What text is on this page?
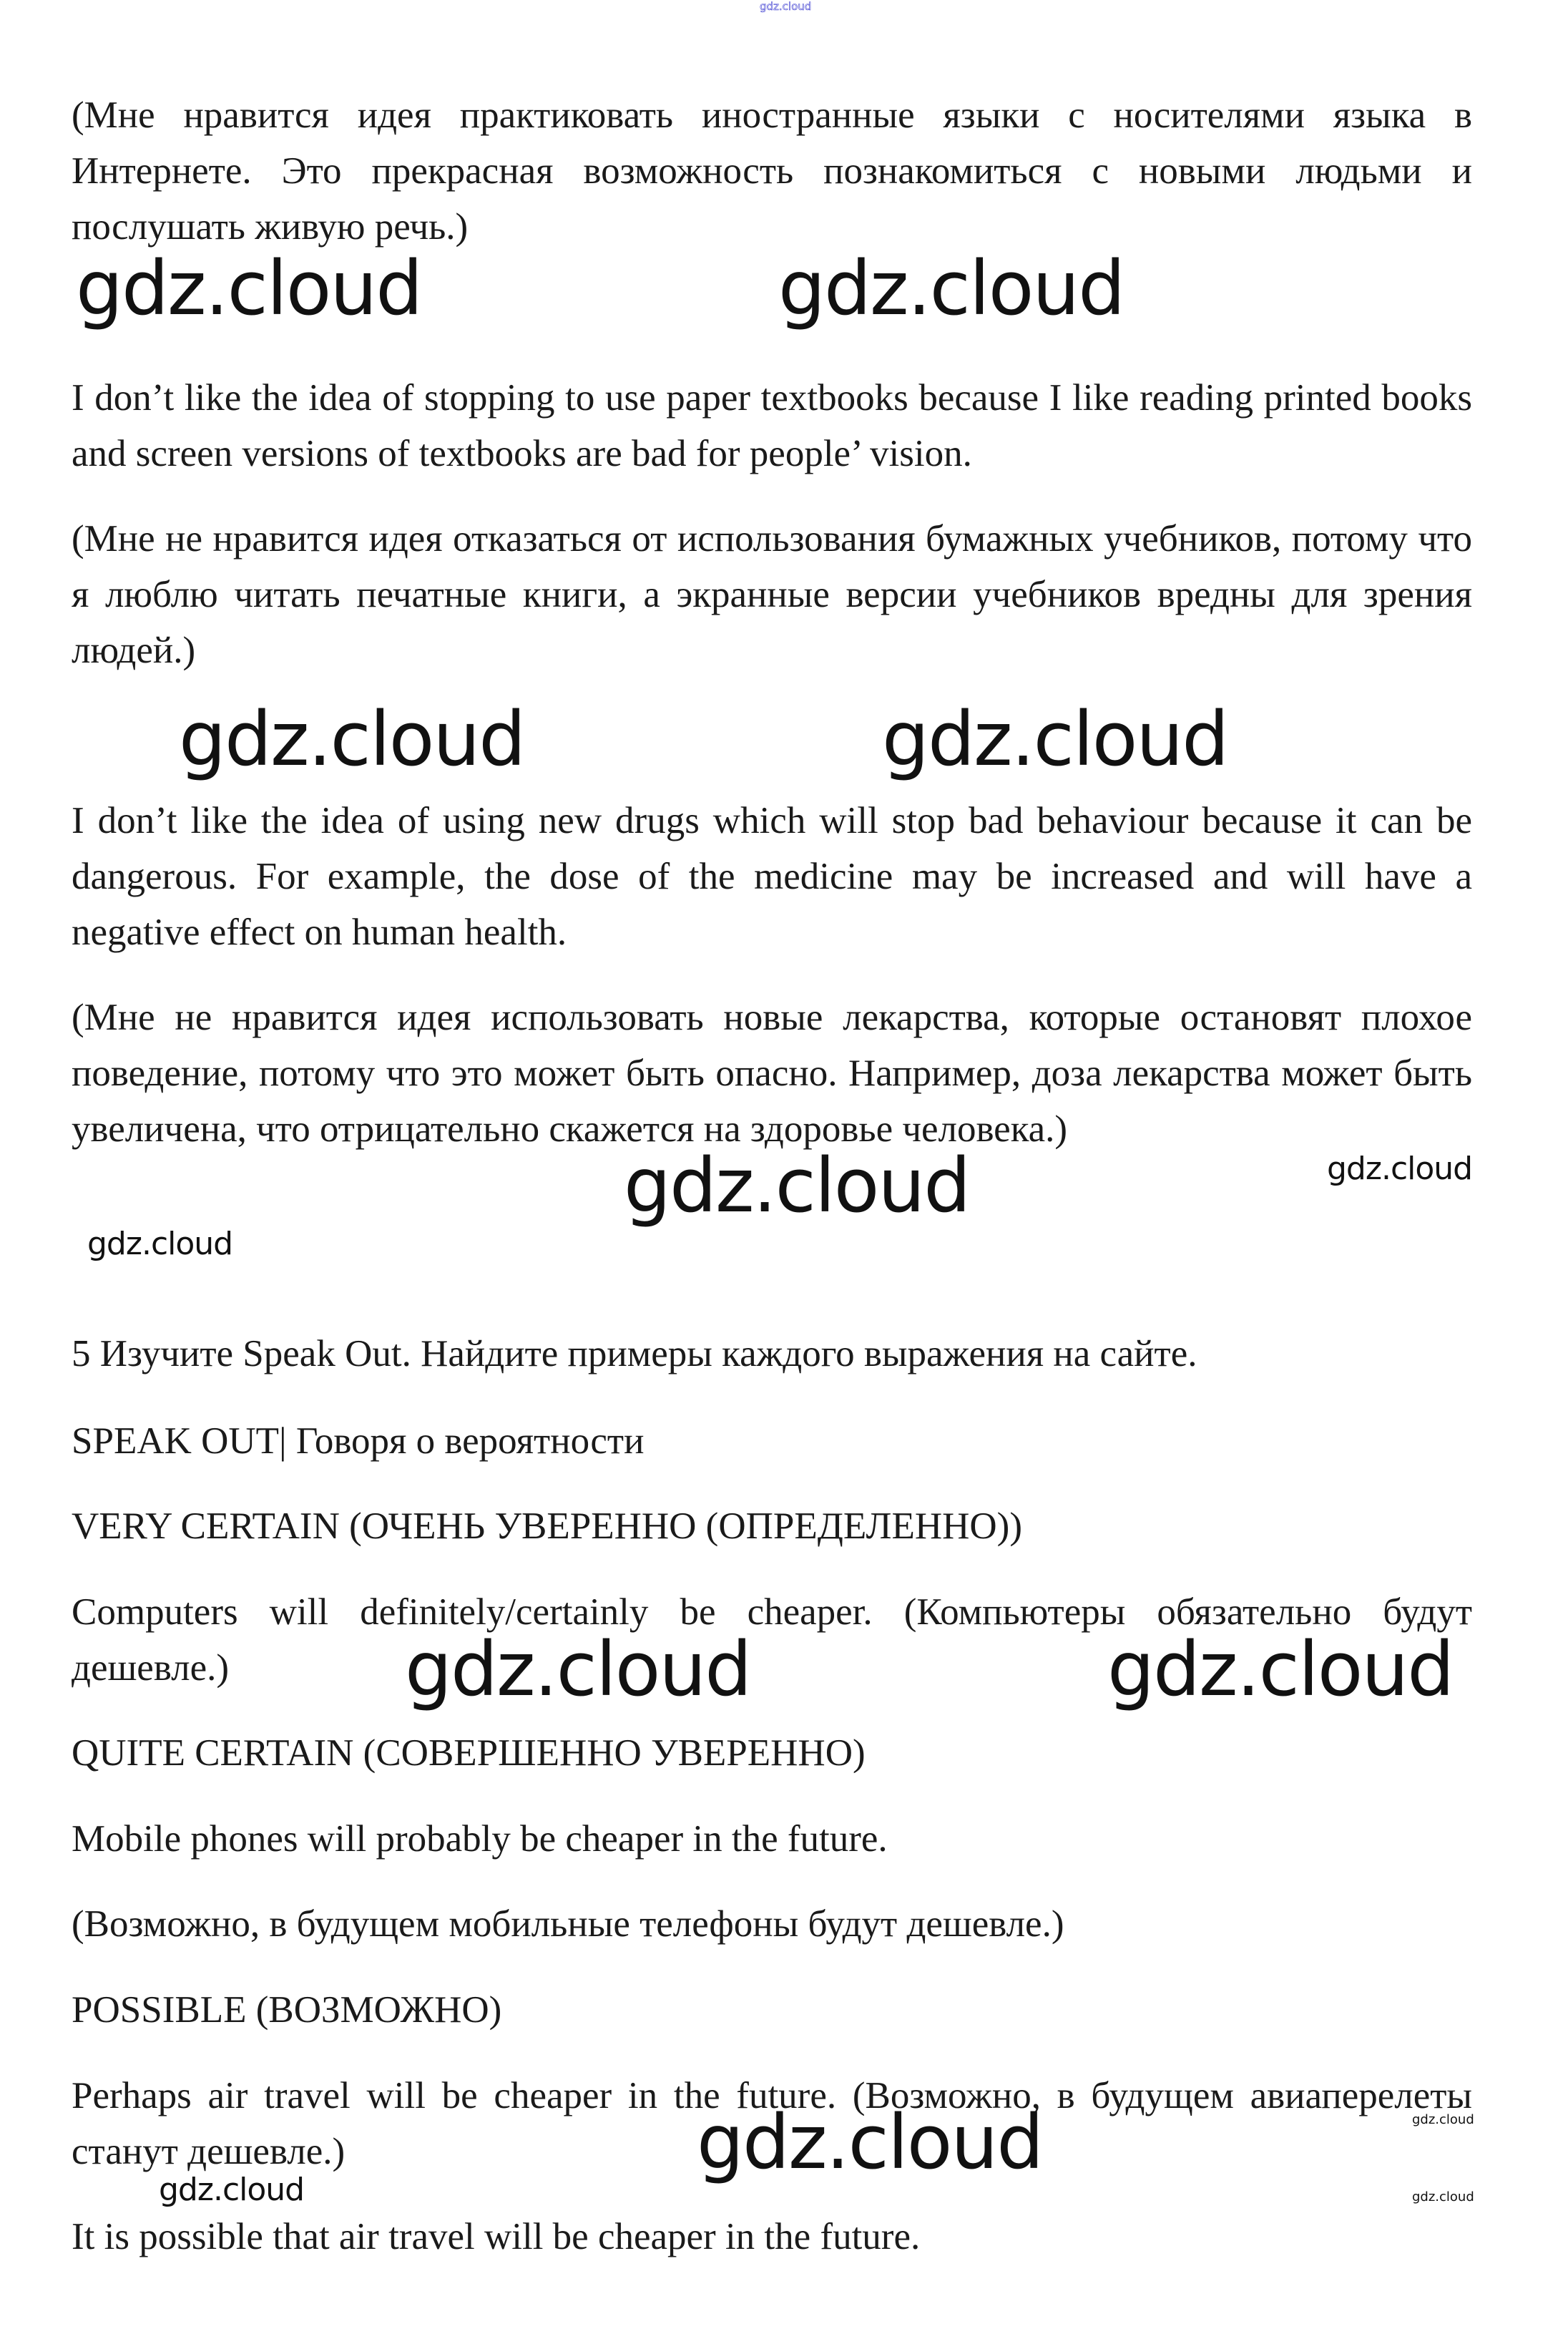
gdz.cloud

(Мне нравится идея практиковать иностранные языки с носителями языка в Интернете. Это прекрасная возможность познакомиться с новыми людьми и послушать живую речь.)

I don’t like the idea of stopping to use paper textbooks because I like reading printed books and screen versions of textbooks are bad for people’ vision.

(Мне не нравится идея отказаться от использования бумажных учебников, потому что я люблю читать печатные книги, а экранные версии учебников вредны для зрения людей.)

I don’t like the idea of using new drugs which will stop bad behaviour because it can be dangerous. For example, the dose of the medicine may be increased and will have a negative effect on human health.

(Мне не нравится идея использовать новые лекарства, которые остановят плохое поведение, потому что это может быть опасно. Например, доза лекарства может быть увеличена, что отрицательно скажется на здоровье человека.)

5 Изучите Speak Out. Найдите примеры каждого выражения на сайте.

SPEAK OUT| Говоря о вероятности

VERY CERTAIN (ОЧЕНЬ УВЕРЕННО (ОПРЕДЕЛЕННО))

Computers will definitely/certainly be cheaper. (Компьютеры обязательно будут дешевле.)

QUITE CERTAIN (СОВЕРШЕННО УВЕРЕННО)

Mobile phones will probably be cheaper in the future.

(Возможно, в будущем мобильные телефоны будут дешевле.)

POSSIBLE (ВОЗМОЖНО)

Perhaps air travel will be cheaper in the future. (Возможно, в будущем авиаперелеты станут дешевле.)

It is possible that air travel will be cheaper in the future.

gdz.cloud	gdz.cloud
gdz.cloud	gdz.cloud
gdz.cloud	gdz.cloud
gdz.cloud
gdz.cloud	gdz.cloud
gdz.cloud	gdz.cloud
gdz.cloud	gdz.cloud
